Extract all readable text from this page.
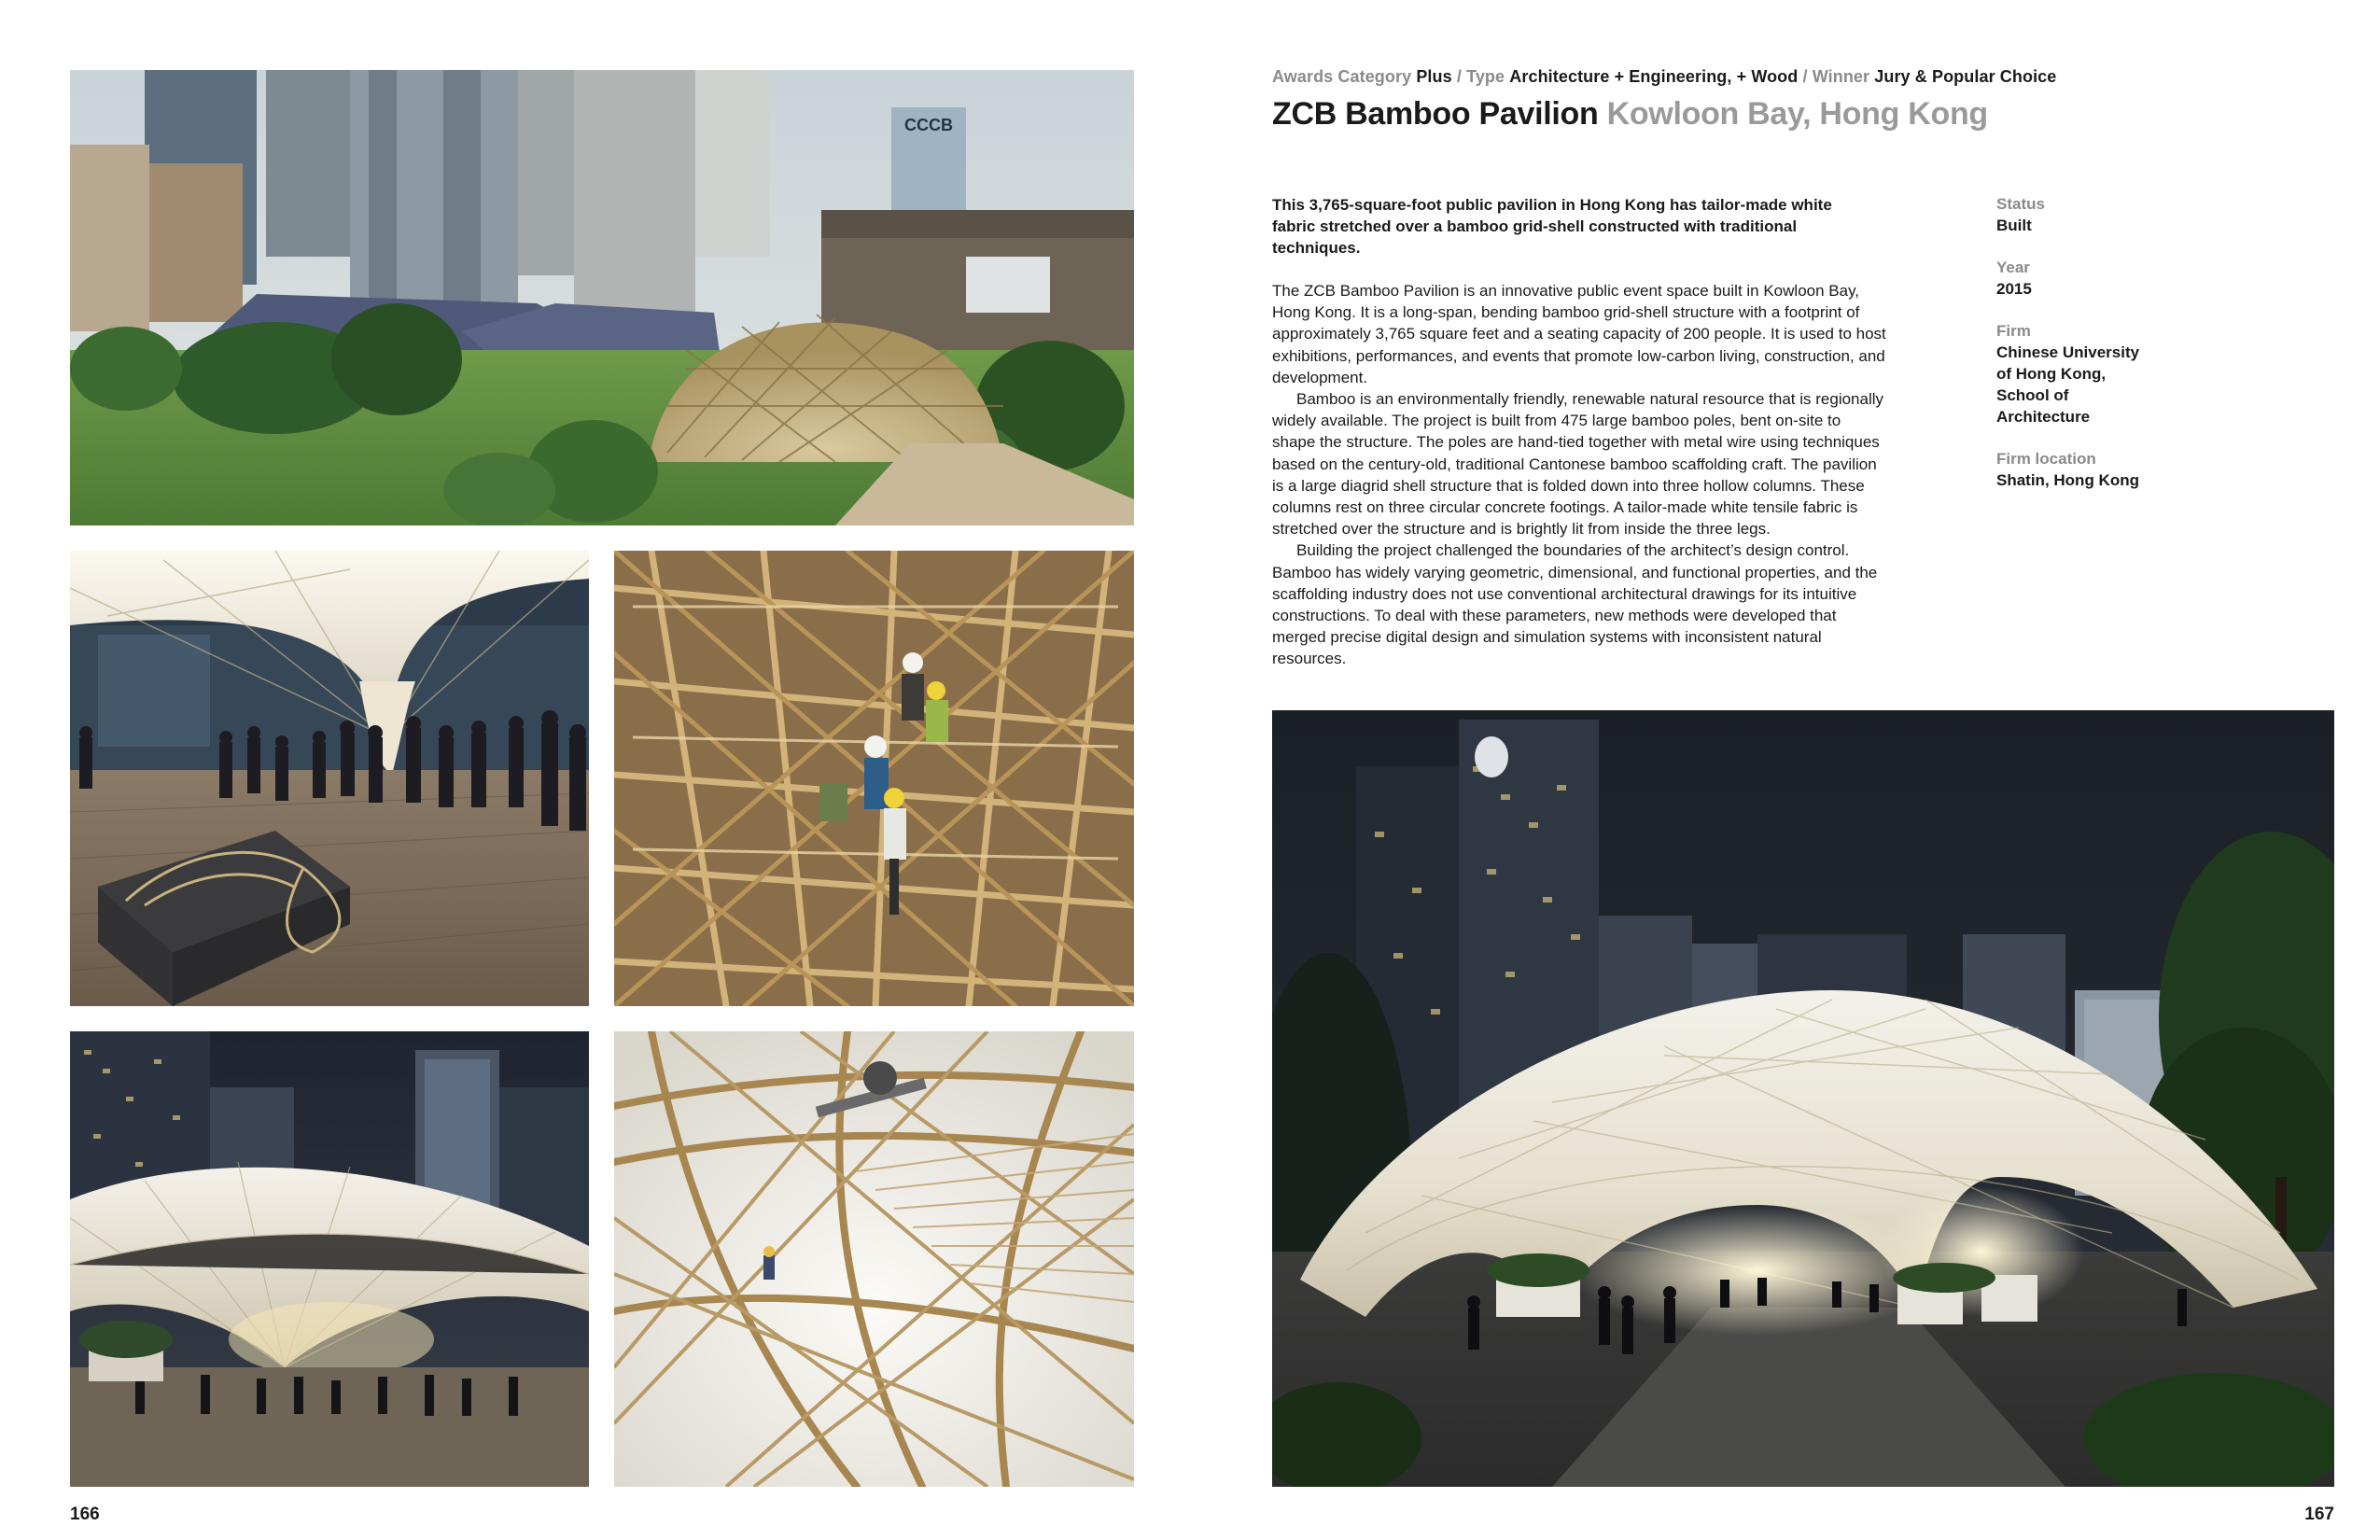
CCCB
166
Awards Category Plus / Type Architecture + Engineering, + Wood / Winner Jury & Popular Choice
ZCB Bamboo Pavilion Kowloon Bay, Hong Kong
This 3,765-square-foot public pavilion in Hong Kong has tailor-made white fabric stretched over a bamboo grid-shell constructed with traditional techniques.

The ZCB Bamboo Pavilion is an innovative public event space built in Kowloon Bay, Hong Kong. It is a long-span, bending bamboo grid-shell structure with a footprint of approximately 3,765 square feet and a seating capacity of 200 people. It is used to host exhibitions, performances, and events that promote low-carbon living, construction, and development.

Bamboo is an environmentally friendly, renewable natural resource that is regionally widely available. The project is built from 475 large bamboo poles, bent on-site to shape the structure. The poles are hand-tied together with metal wire using techniques based on the century-old, traditional Cantonese bamboo scaffolding craft. The pavilion is a large diagrid shell structure that is folded down into three hollow columns. These columns rest on three circular concrete footings. A tailor-made white tensile fabric is stretched over the structure and is brightly lit from inside the three legs.

Building the project challenged the boundaries of the architect’s design control. Bamboo has widely varying geometric, dimensional, and functional properties, and the scaffolding industry does not use conventional architectural drawings for its intuitive constructions. To deal with these parameters, new methods were developed that merged precise digital design and simulation systems with inconsistent natural resources.

Status
Built
Year
2015
Firm
Chinese University
of Hong Kong,
School of
Architecture
Firm location
Shatin, Hong Kong
167
